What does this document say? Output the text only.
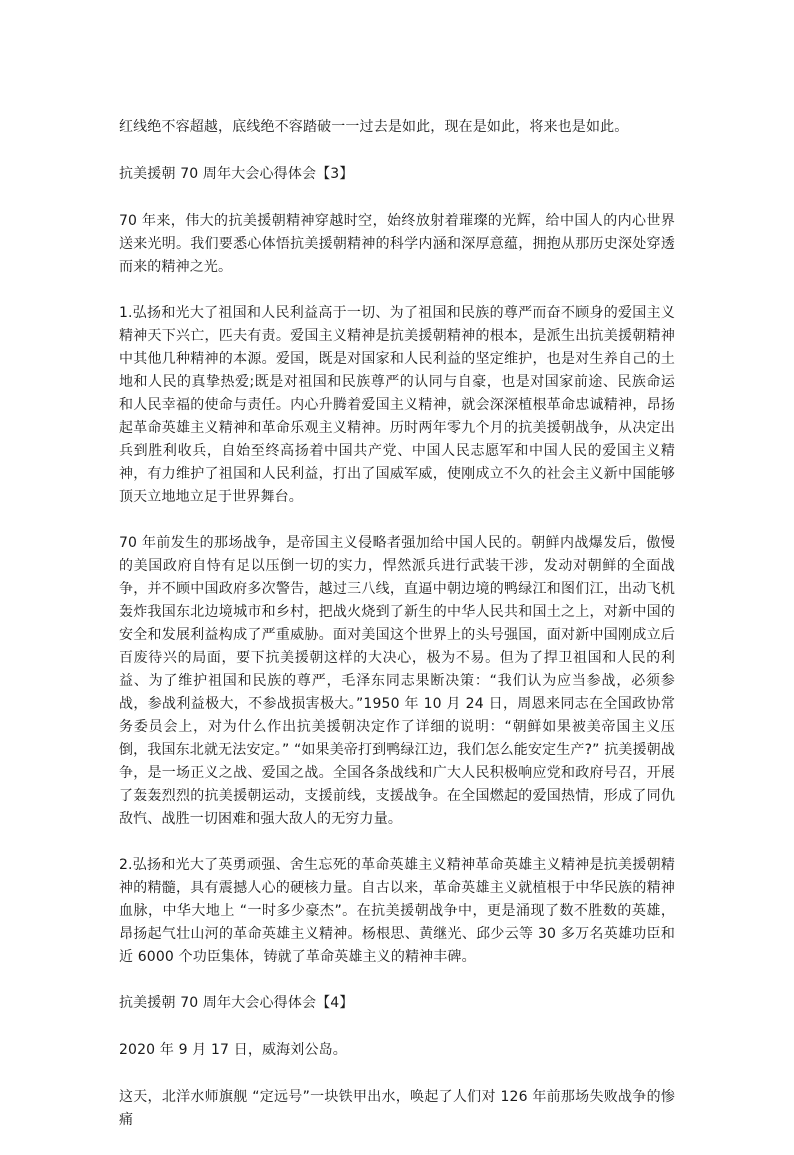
红线绝不容超越，底线绝不容踏破一一过去是如此，现在是如此，将来也是如此。

抗美援朝 70 周年大会心得体会【3】

70 年来，伟大的抗美援朝精神穿越时空，始终放射着璀璨的光辉，给中国人的内心世界送来光明。我们要悉心体悟抗美援朝精神的科学内涵和深厚意蕴，拥抱从那历史深处穿透而来的精神之光。

1.弘扬和光大了祖国和人民利益高于一切、为了祖国和民族的尊严而奋不顾身的爱国主义精神天下兴亡，匹夫有责。爱国主义精神是抗美援朝精神的根本，是派生出抗美援朝精神中其他几种精神的本源。爱国，既是对国家和人民利益的坚定维护，也是对生养自己的土地和人民的真挚热爱;既是对祖国和民族尊严的认同与自豪，也是对国家前途、民族命运和人民幸福的使命与责任。内心升腾着爱国主义精神，就会深深植根革命忠诚精神，昂扬起革命英雄主义精神和革命乐观主义精神。历时两年零九个月的抗美援朝战争，从决定出兵到胜利收兵，自始至终高扬着中国共产党、中国人民志愿军和中国人民的爱国主义精神，有力维护了祖国和人民利益，打出了国威军威，使刚成立不久的社会主义新中国能够顶天立地地立足于世界舞台。

70 年前发生的那场战争，是帝国主义侵略者强加给中国人民的。朝鲜内战爆发后，傲慢的美国政府自恃有足以压倒一切的实力，悍然派兵进行武装干涉，发动对朝鲜的全面战争，并不顾中国政府多次警告，越过三八线，直逼中朝边境的鸭绿江和图们江，出动飞机轰炸我国东北边境城市和乡村，把战火烧到了新生的中华人民共和国土之上，对新中国的安全和发展利益构成了严重威胁。面对美国这个世界上的头号强国，面对新中国刚成立后百废待兴的局面，要下抗美援朝这样的大决心，极为不易。但为了捍卫祖国和人民的利益、为了维护祖国和民族的尊严，毛泽东同志果断决策：“我们认为应当参战，必须参战，参战利益极大，不参战损害极大。”1950 年 10 月 24 日，周恩来同志在全国政协常务委员会上，对为什么作出抗美援朝决定作了详细的说明：“朝鲜如果被美帝国主义压倒，我国东北就无法安定。” “如果美帝打到鸭绿江边，我们怎么能安定生产?” 抗美援朝战争，是一场正义之战、爱国之战。全国各条战线和广大人民积极响应党和政府号召，开展了轰轰烈烈的抗美援朝运动，支援前线，支援战争。在全国燃起的爱国热情，形成了同仇敌忾、战胜一切困难和强大敌人的无穷力量。

2.弘扬和光大了英勇顽强、舍生忘死的革命英雄主义精神革命英雄主义精神是抗美援朝精神的精髓，具有震撼人心的硬核力量。自古以来，革命英雄主义就植根于中华民族的精神血脉，中华大地上 “一时多少豪杰”。在抗美援朝战争中，更是涌现了数不胜数的英雄，昂扬起气壮山河的革命英雄主义精神。杨根思、黄继光、邱少云等 30 多万名英雄功臣和近 6000 个功臣集体，铸就了革命英雄主义的精神丰碑。

抗美援朝 70 周年大会心得体会【4】

2020 年 9 月 17 日，威海刘公岛。

这天，北洋水师旗舰 “定远号”一块铁甲出水，唤起了人们对 126 年前那场失败战争的惨痛
